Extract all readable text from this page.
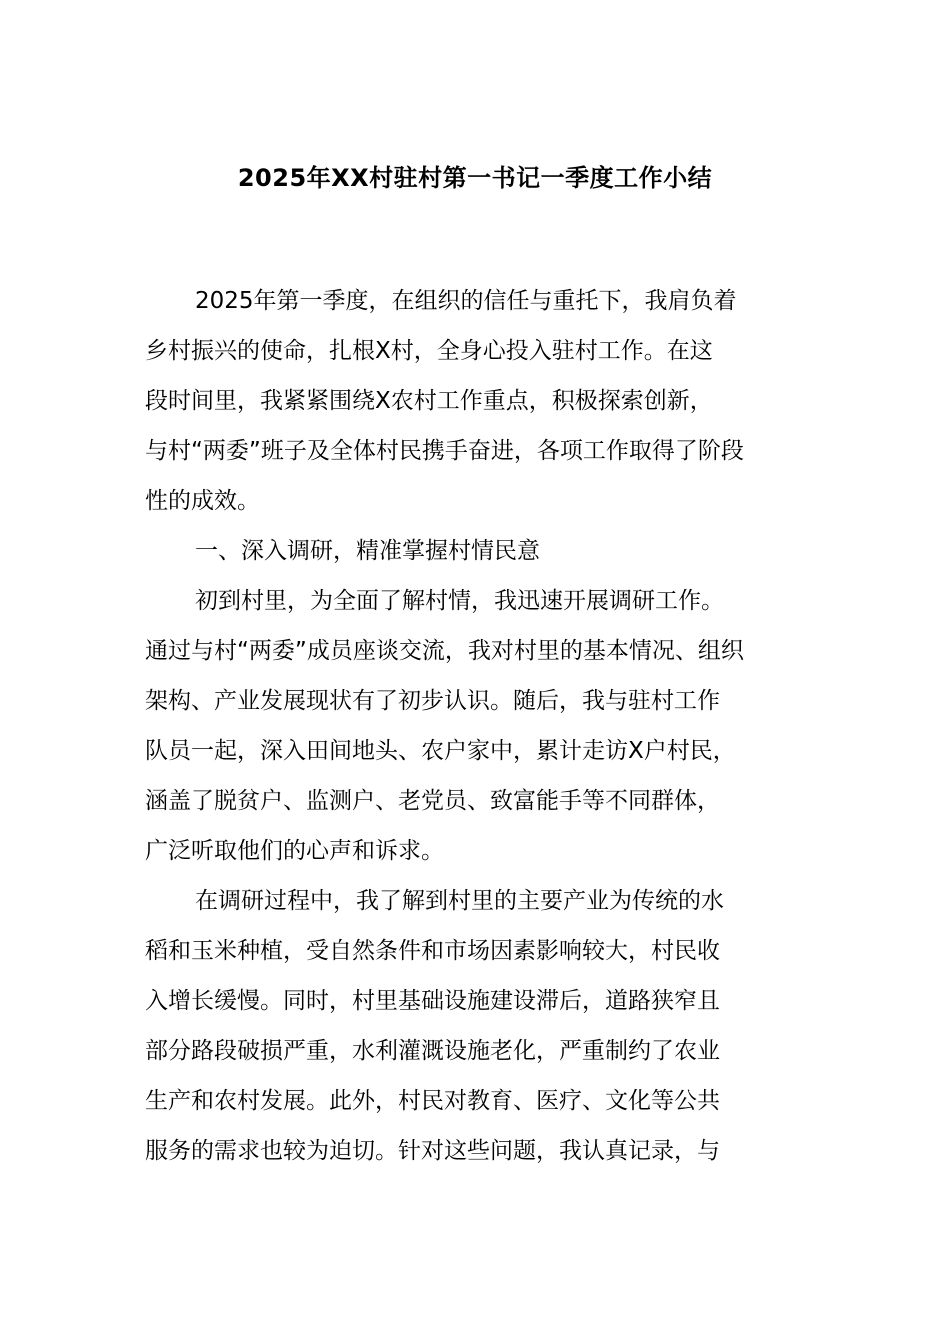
2025年XX村驻村第一书记一季度工作小结
2025年第一季度，在组织的信任与重托下，我肩负着
乡村振兴的使命，扎根X村，全身心投入驻村工作。在这
段时间里，我紧紧围绕X农村工作重点，积极探索创新，
与村“两委”班子及全体村民携手奋进，各项工作取得了阶段
性的成效。
一、深入调研，精准掌握村情民意
初到村里，为全面了解村情，我迅速开展调研工作。
通过与村“两委”成员座谈交流，我对村里的基本情况、组织
架构、产业发展现状有了初步认识。随后，我与驻村工作
队员一起，深入田间地头、农户家中，累计走访X户村民，
涵盖了脱贫户、监测户、老党员、致富能手等不同群体，
广泛听取他们的心声和诉求。
在调研过程中，我了解到村里的主要产业为传统的水
稻和玉米种植，受自然条件和市场因素影响较大，村民收
入增长缓慢。同时，村里基础设施建设滞后，道路狭窄且
部分路段破损严重，水利灌溉设施老化，严重制约了农业
生产和农村发展。此外，村民对教育、医疗、文化等公共
服务的需求也较为迫切。针对这些问题，我认真记录，与
